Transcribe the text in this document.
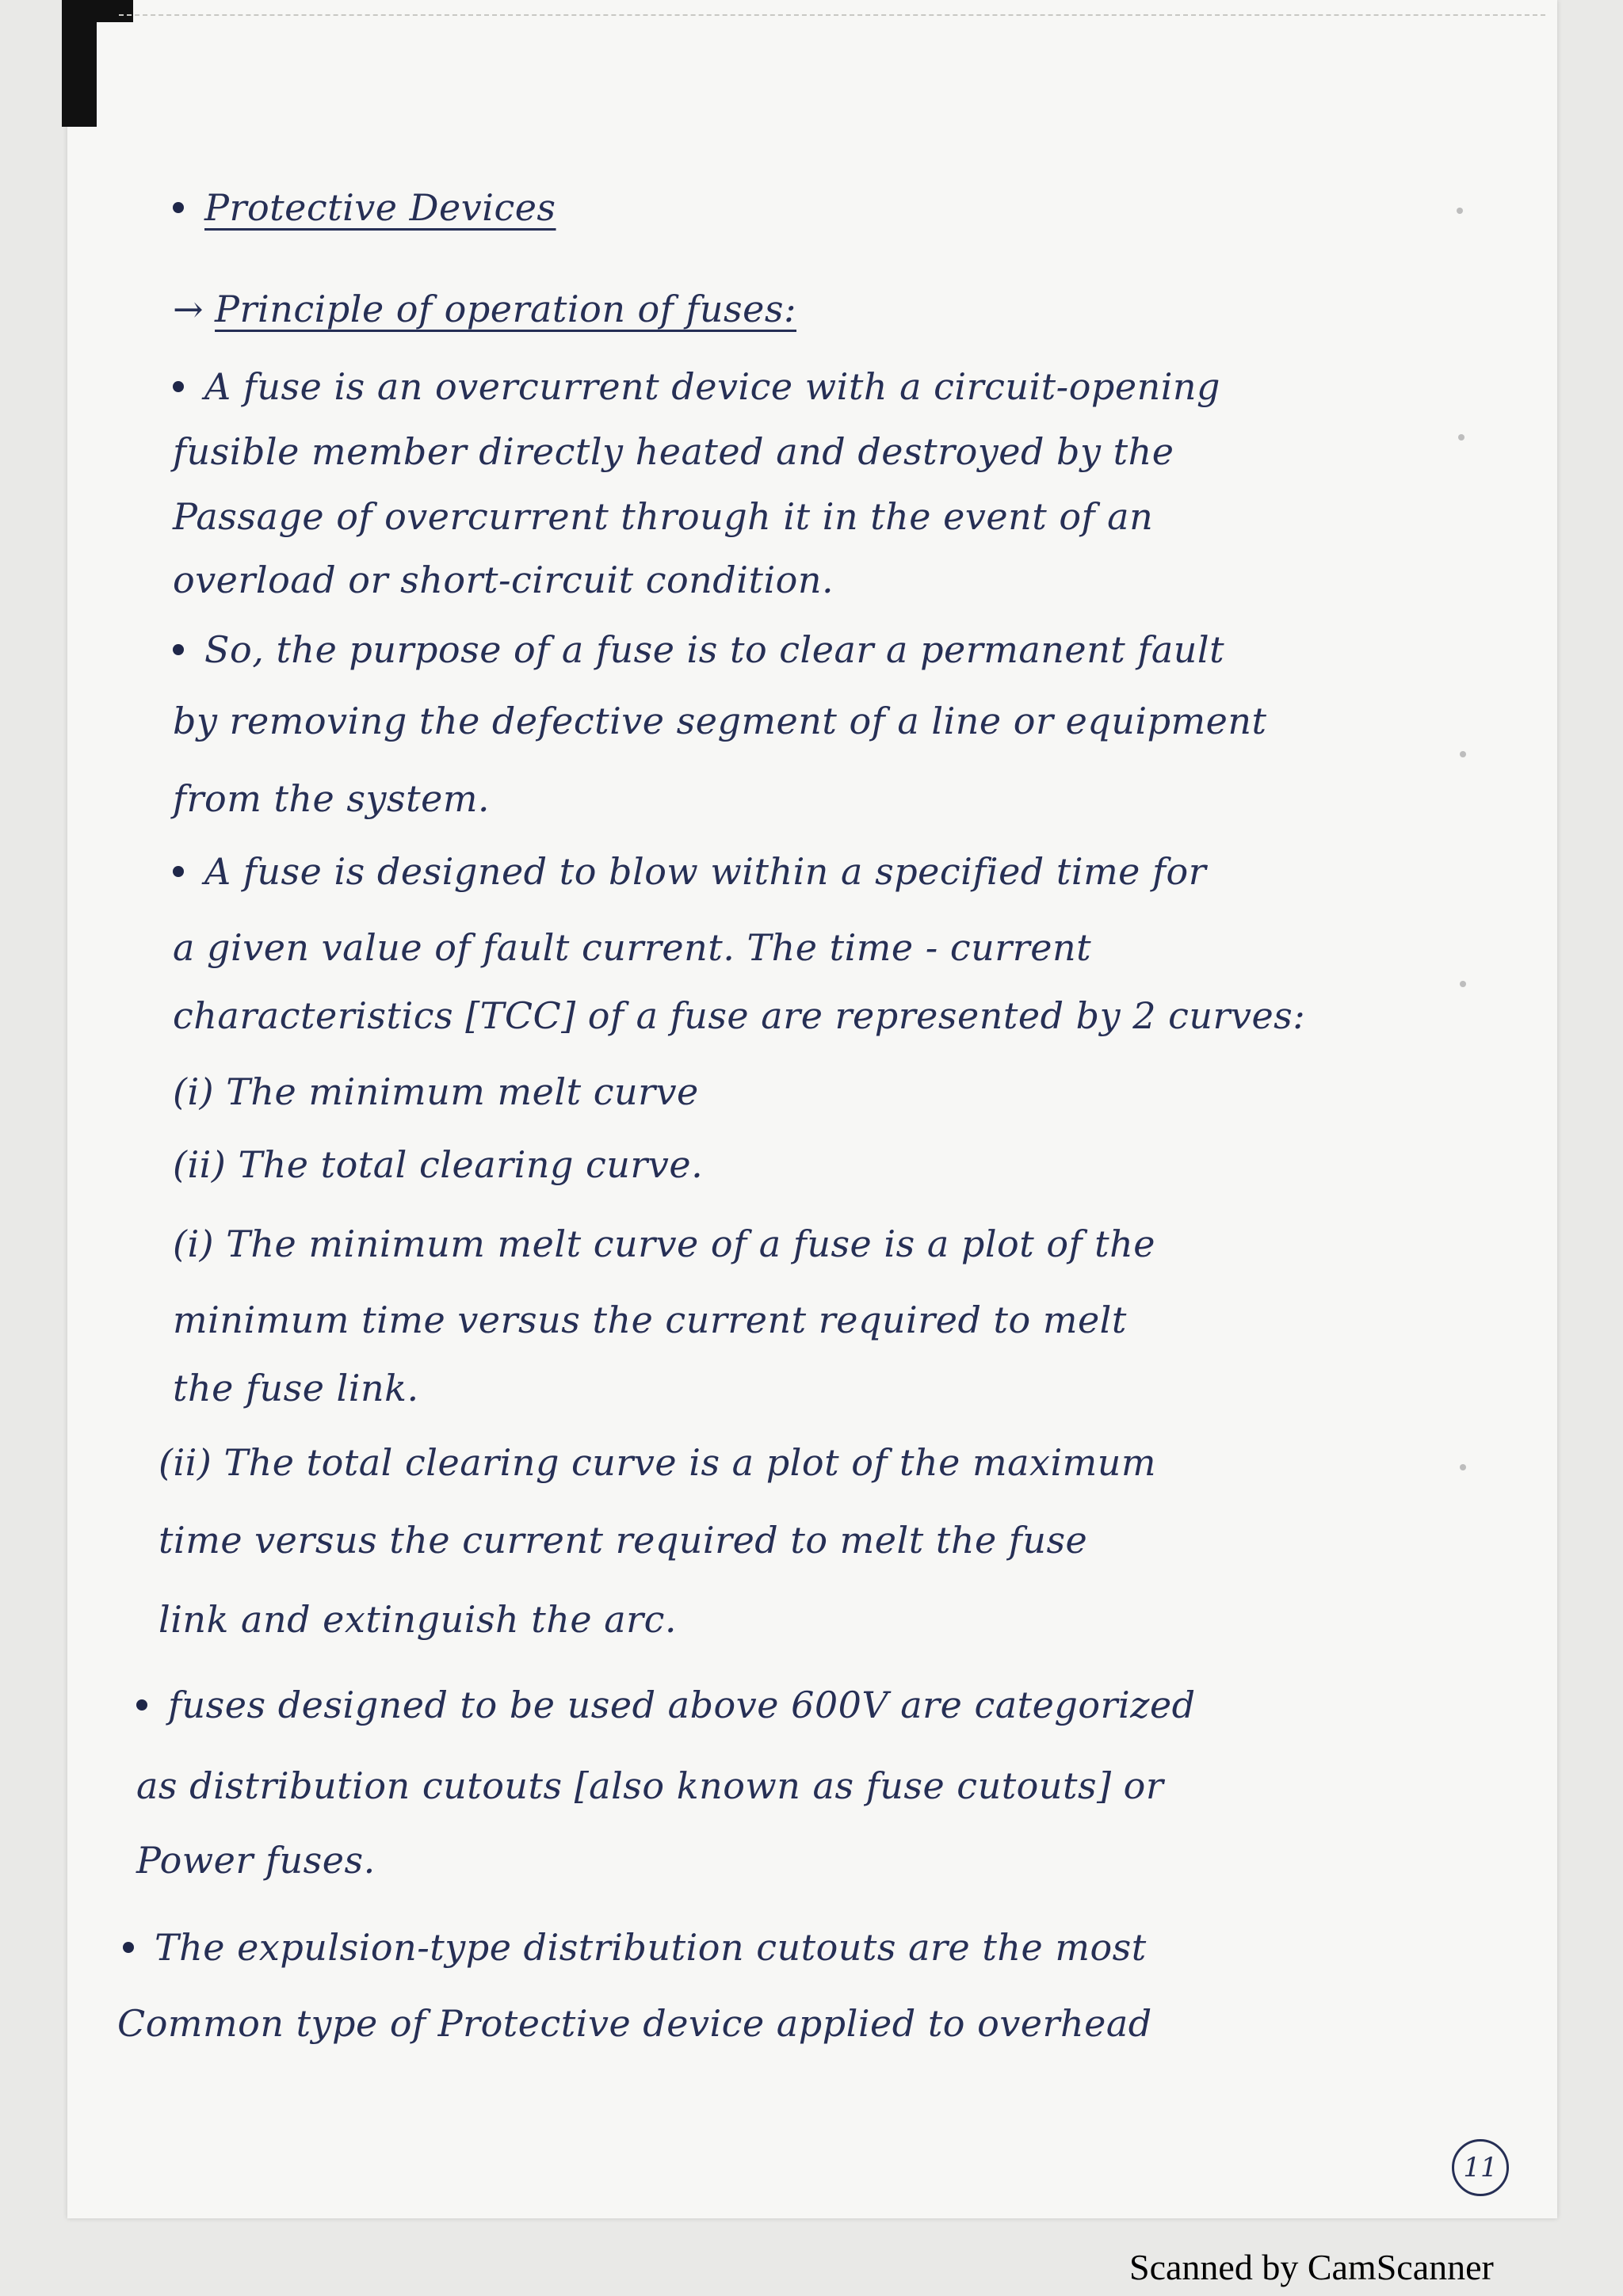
Protective Devices
→ Principle of operation of fuses:
A fuse is an overcurrent device with a circuit-opening
fusible member directly heated and destroyed by the
Passage of overcurrent through it in the event of an
overload or short-circuit condition.
So, the purpose of a fuse is to clear a permanent fault
by removing the defective segment of a line or equipment
from the system.
A fuse is designed to blow within a specified time for
a given value of fault current. The time - current
characteristics [TCC] of a fuse are represented by 2 curves:
(i) The minimum melt curve
(ii) The total clearing curve.
(i) The minimum melt curve of a fuse is a plot of the
minimum time versus the current required to melt
the fuse link.
(ii) The total clearing curve is a plot of the maximum
time versus the current required to melt the fuse
link and extinguish the arc.
fuses designed to be used above 600V are categorized
as distribution cutouts [also known as fuse cutouts] or
Power fuses.
The expulsion-type distribution cutouts are the most
Common type of Protective device applied to overhead
11
Scanned by CamScanner
